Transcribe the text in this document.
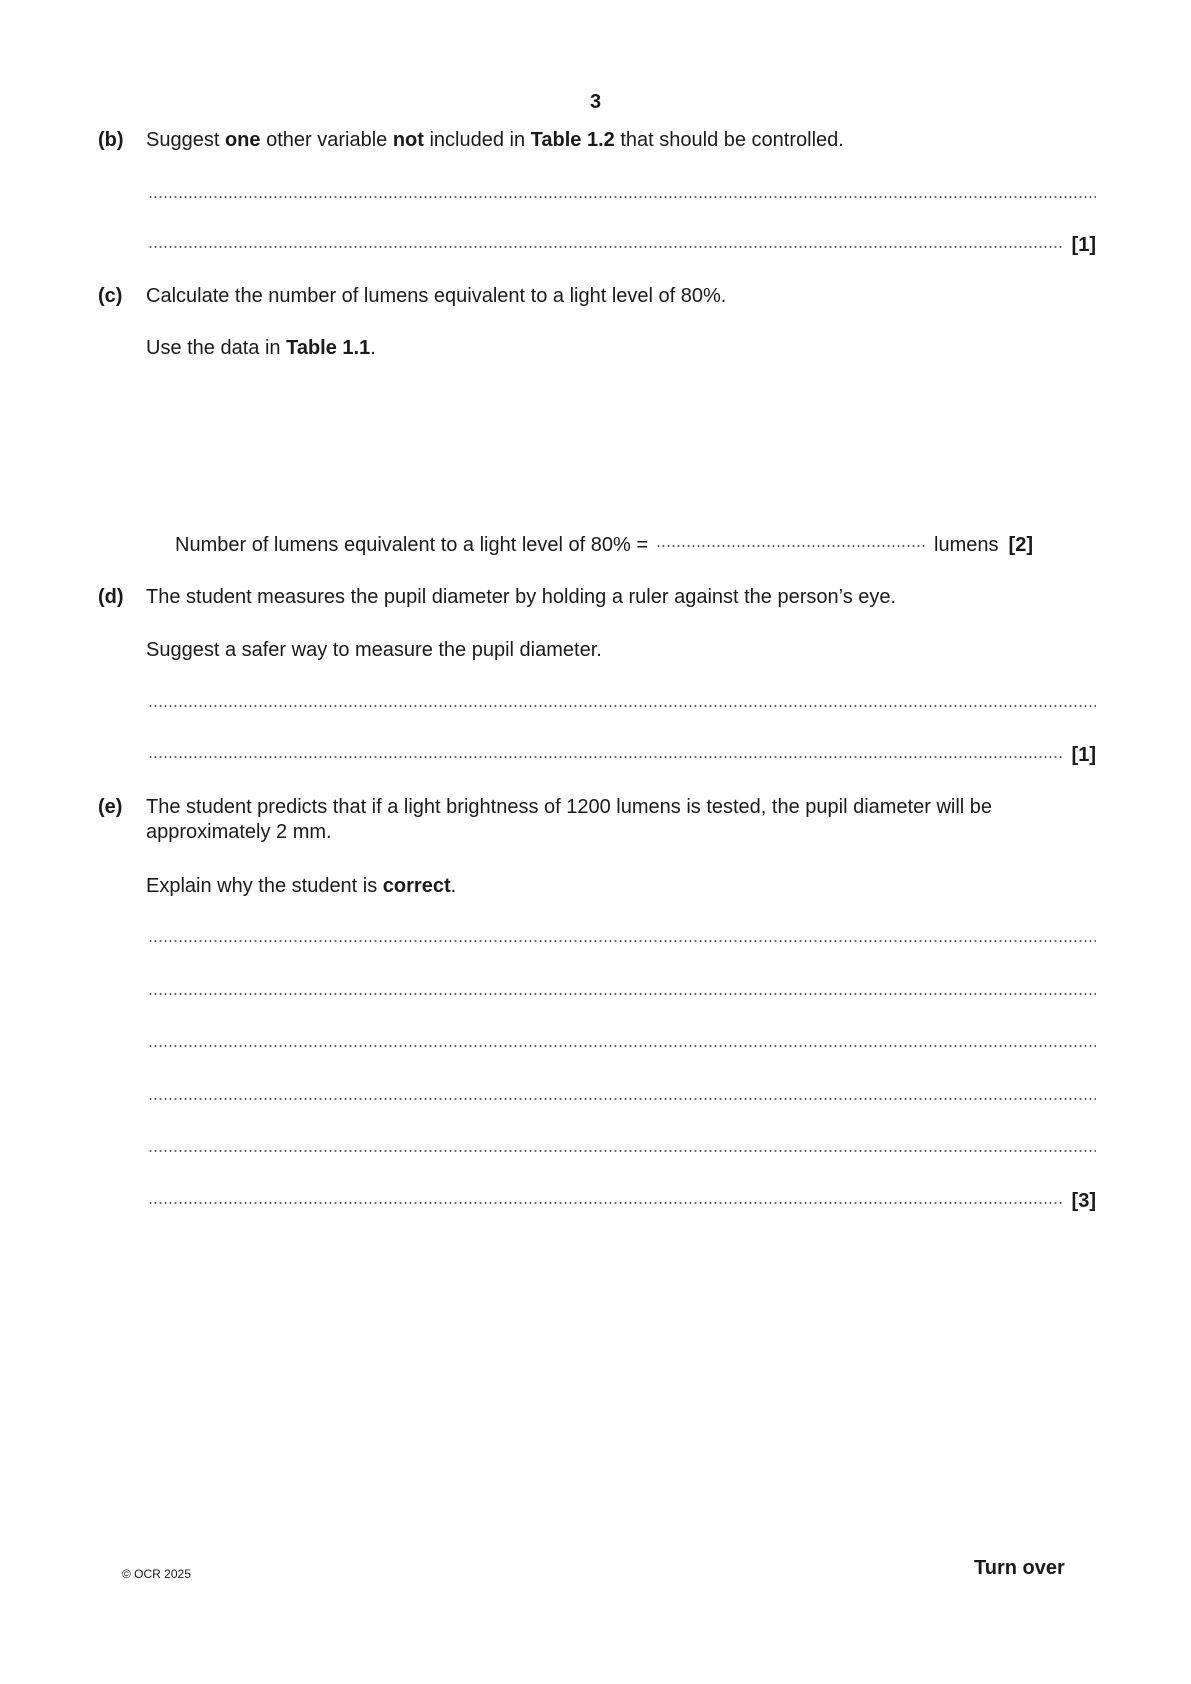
3
(b) Suggest one other variable not included in Table 1.2 that should be controlled.
[1]
(c) Calculate the number of lumens equivalent to a light level of 80%.
Use the data in Table 1.1.
Number of lumens equivalent to a light level of 80% =	lumens [2]
(d) The student measures the pupil diameter by holding a ruler against the person’s eye.
Suggest a safer way to measure the pupil diameter.
[1]
(e) The student predicts that if a light brightness of 1200 lumens is tested, the pupil diameter will be approximately 2 mm.
Explain why the student is correct.
[3]
© OCR 2025	Turn over
